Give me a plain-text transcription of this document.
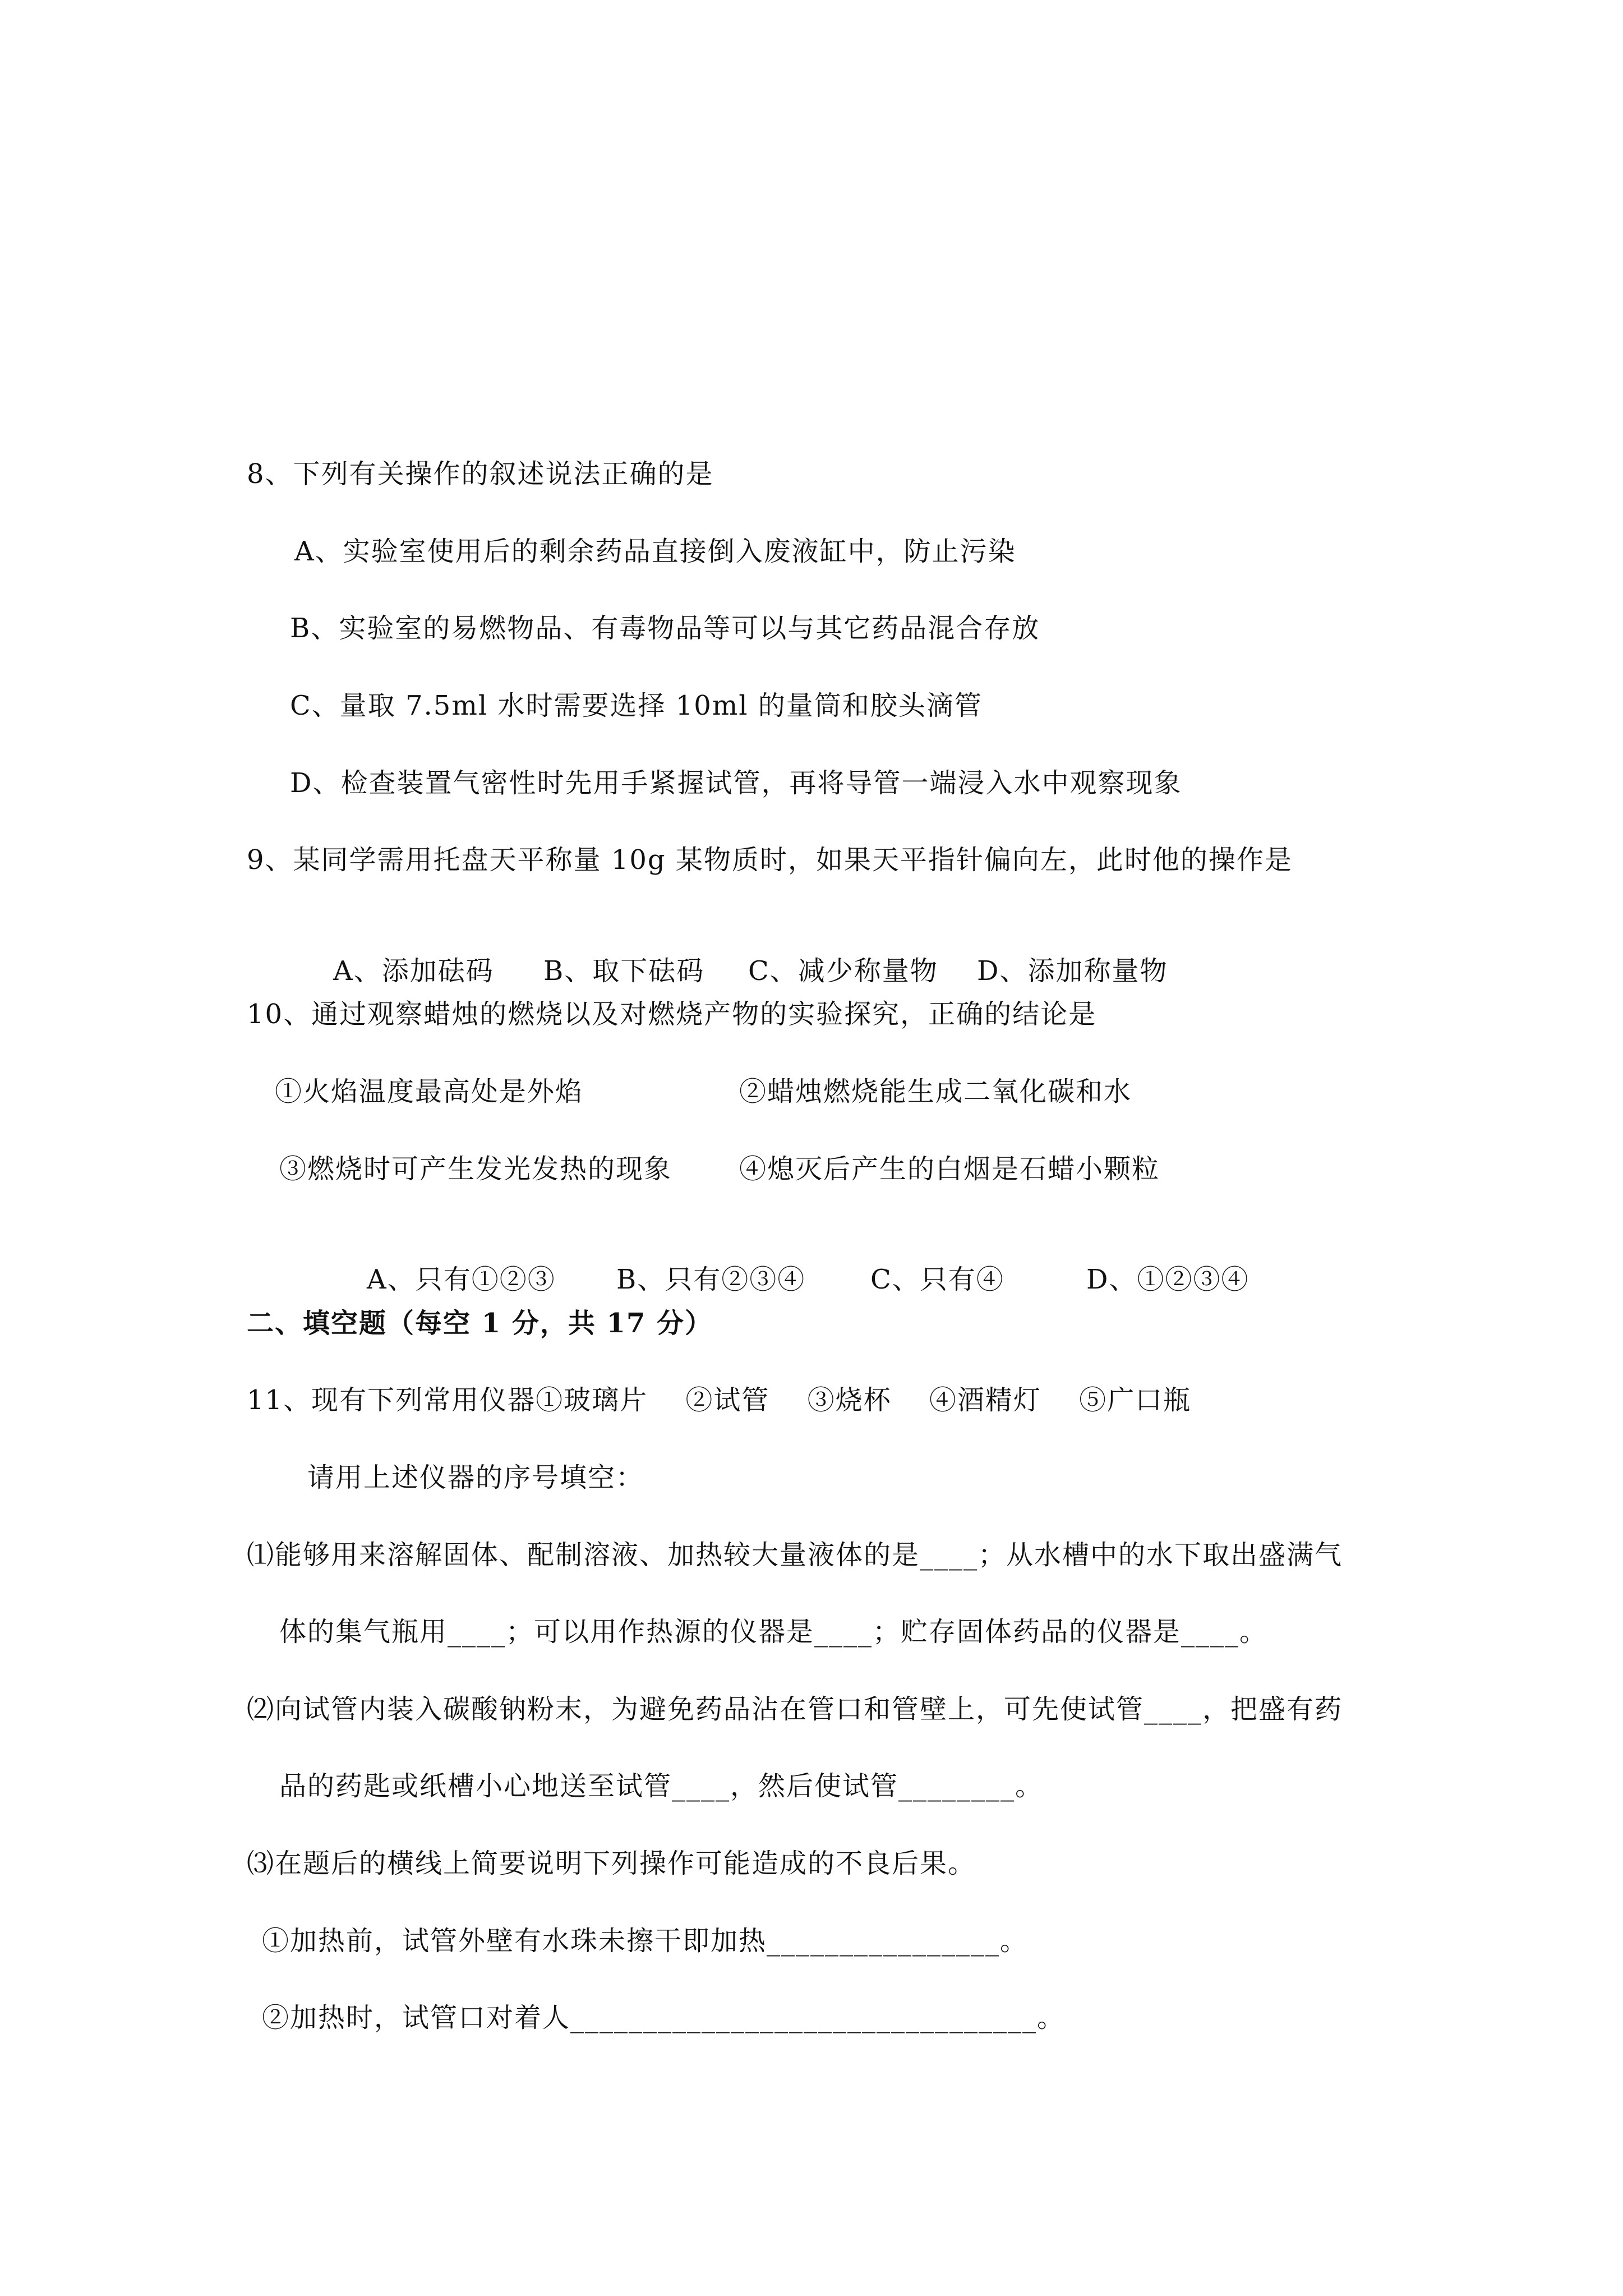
8、下列有关操作的叙述说法正确的是
A、实验室使用后的剩余药品直接倒入废液缸中，防止污染
B、实验室的易燃物品、有毒物品等可以与其它药品混合存放
C、量取 7.5ml 水时需要选择 10ml 的量筒和胶头滴管
D、检查装置气密性时先用手紧握试管，再将导管一端浸入水中观察现象
9、某同学需用托盘天平称量 10g 某物质时，如果天平指针偏向左，此时他的操作是

A、添加砝码 B、取下砝码 C、减少称量物 D、添加称量物

10、通过观察蜡烛的燃烧以及对燃烧产物的实验探究，正确的结论是
①火焰温度最高处是外焰	②蜡烛燃烧能生成二氧化碳和水
③燃烧时可产生发光发热的现象 ④熄灭后产生的白烟是石蜡小颗粒

A、只有①②③ B、只有②③④ C、只有④	D、①②③④

二、填空题（每空 1 分，共 17 分）
11、现有下列常用仪器①玻璃片　 ②试管　 ③烧杯　 ④酒精灯　 ⑤广口瓶
请用上述仪器的序号填空：
⑴能够用来溶解固体、配制溶液、加热较大量液体的是____；从水槽中的水下取出盛满气
体的集气瓶用____；可以用作热源的仪器是____；贮存固体药品的仪器是____。
⑵向试管内装入碳酸钠粉末，为避免药品沾在管口和管壁上，可先使试管____，把盛有药
品的药匙或纸槽小心地送至试管____，然后使试管________。
⑶在题后的横线上简要说明下列操作可能造成的不良后果。
①加热前，试管外壁有水珠未擦干即加热________________。
②加热时，试管口对着人________________________________。
